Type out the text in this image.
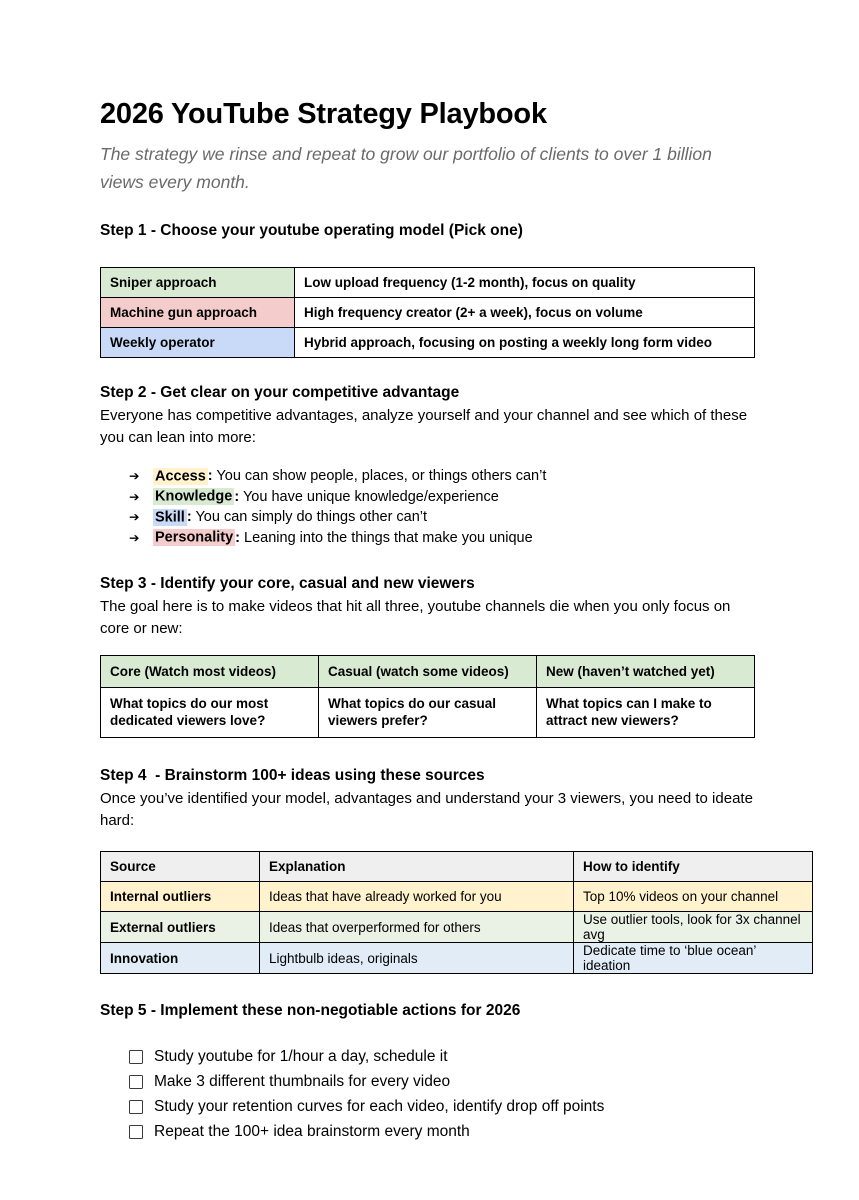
2026 YouTube Strategy Playbook

The strategy we rinse and repeat to grow our portfolio of clients to over 1 billion views every month.

Step 1 - Choose your youtube operating model (Pick one)
Sniper approach	Low upload frequency (1-2 month), focus on quality
Machine gun approach	High frequency creator (2+ a week), focus on volume
Weekly operator	Hybrid approach, focusing on posting a weekly long form video
Step 2 - Get clear on your competitive advantage

Everyone has competitive advantages, analyze yourself and your channel and see which of these you can lean into more:

➔	Access : You can show people, places, or things others can’t
➔	Knowledge : You have unique knowledge/experience
➔	Skill : You can simply do things other can’t
➔	Personality : Leaning into the things that make you unique
Step 3 - Identify your core, casual and new viewers

The goal here is to make videos that hit all three, youtube channels die when you only focus on core or new:

Core (Watch most videos)	Casual (watch some videos)	New (haven’t watched yet)
What topics do our most dedicated viewers love?	What topics do our casual viewers prefer?	What topics can I make to attract new viewers?
Step 4  - Brainstorm 100+ ideas using these sources

Once you’ve identified your model, advantages and understand your 3 viewers, you need to ideate hard:

Source	Explanation	How to identify
Internal outliers	Ideas that have already worked for you	Top 10% videos on your channel
External outliers	Ideas that overperformed for others	Use outlier tools, look for 3x channel avg
Innovation	Lightbulb ideas, originals	Dedicate time to ‘blue ocean’ ideation
Step 5 - Implement these non-negotiable actions for 2026
Study youtube for 1/hour a day, schedule it
Make 3 different thumbnails for every video
Study your retention curves for each video, identify drop off points
Repeat the 100+ idea brainstorm every month
